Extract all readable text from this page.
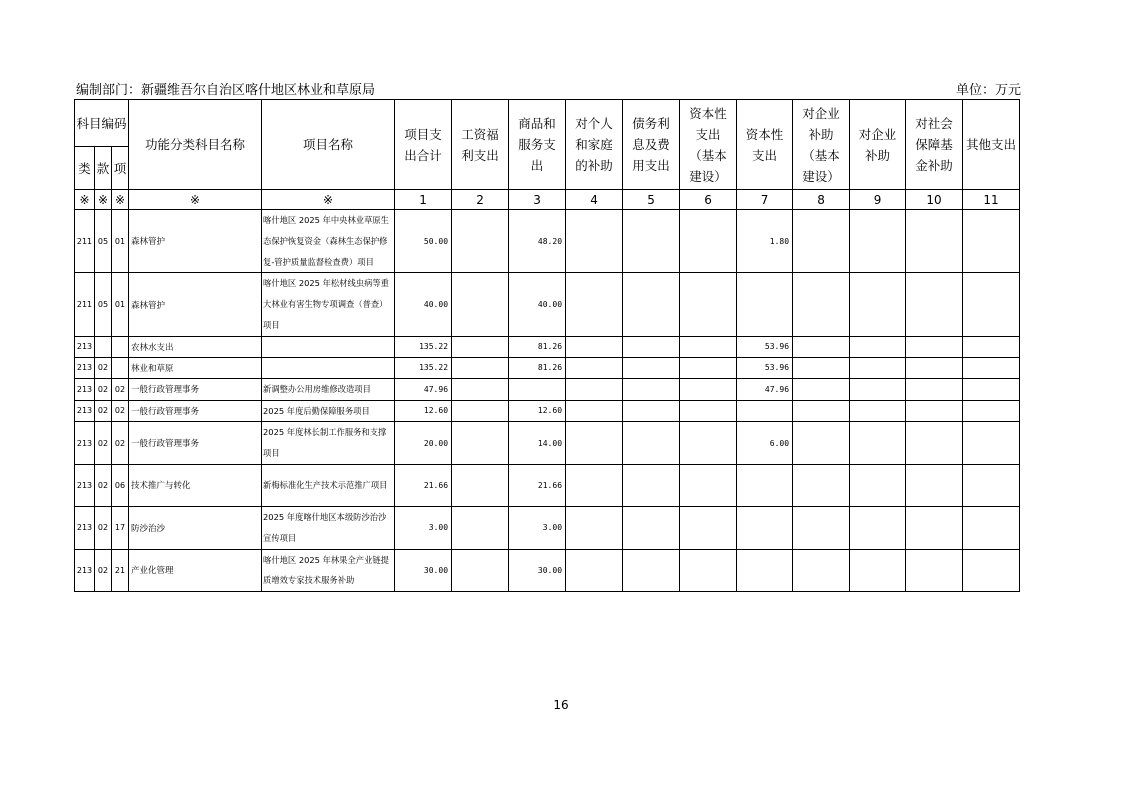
编制部门：新疆维吾尔自治区喀什地区林业和草原局	单位：万元
科目编码			功能分类科目名称	项目名称	项目支出合计	工资福利支出	商品和服务支出	对个人和家庭的补助	债务利息及费用支出	资本性支出（基本建设）	资本性支出	对企业补助（基本建设）	对企业补助	对社会保障基金补助	其他支出
类	款	项													
※	※	※	※	※	1	2	3	4	5	6	7	8	9	10	11
211	05	01	森林管护	喀什地区 2025 年中央林业草原生态保护恢复资金（森林生态保护修复-管护质量监督检查费）项目	50.00		48.20				1.80				
211	05	01	森林管护	喀什地区 2025 年松材线虫病等重大林业有害生物专项调查（普查）项目	40.00		40.00								
213			农林水支出		135.22		81.26				53.96				
213	02		林业和草原		135.22		81.26				53.96				
213	02	02	一般行政管理事务	新调整办公用房维修改造项目	47.96						47.96				
213	02	02	一般行政管理事务	2025 年度后勤保障服务项目	12.60		12.60								
213	02	02	一般行政管理事务	2025 年度林长制工作服务和支撑项目	20.00		14.00				6.00				
213	02	06	技术推广与转化	新梅标准化生产技术示范推广项目	21.66		21.66								
213	02	17	防沙治沙	2025 年度喀什地区本级防沙治沙宣传项目	3.00		3.00								
213	02	21	产业化管理	喀什地区 2025 年林果全产业链提质增效专家技术服务补助	30.00		30.00								
16
